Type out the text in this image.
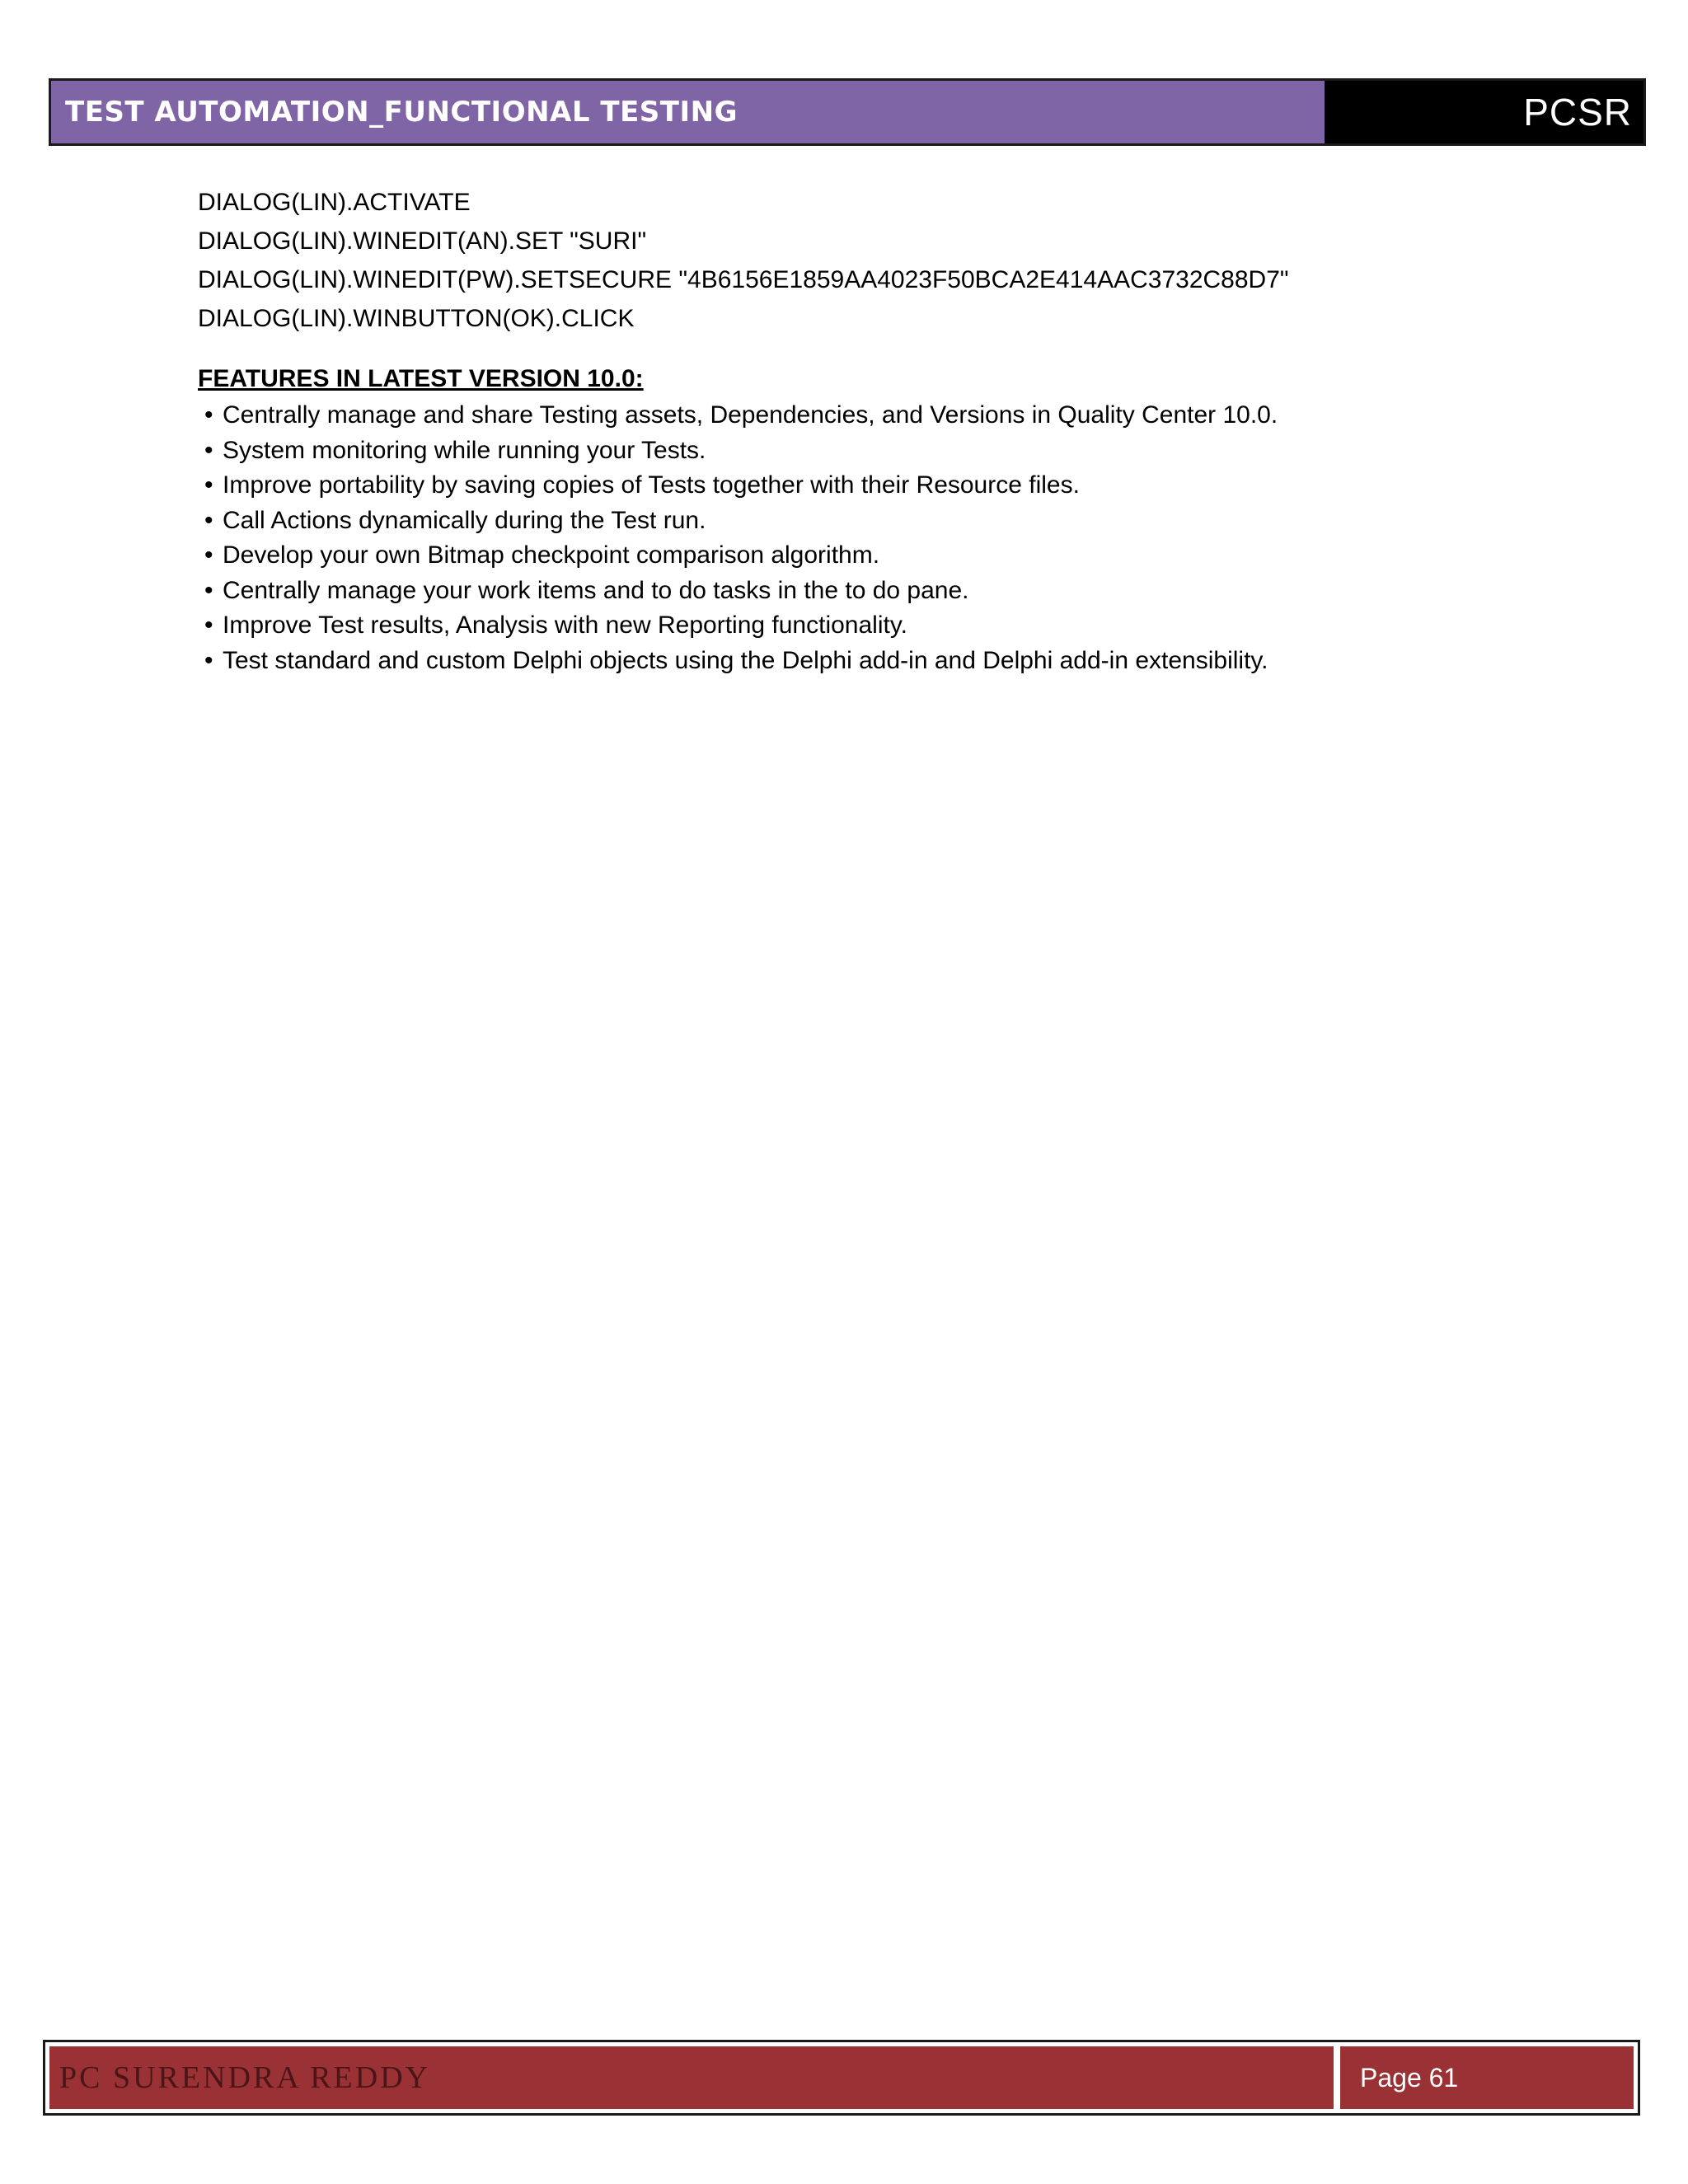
TEST AUTOMATION_FUNCTIONAL TESTING	PCSR
DIALOG(LIN).ACTIVATE
DIALOG(LIN).WINEDIT(AN).SET "SURI"
DIALOG(LIN).WINEDIT(PW).SETSECURE "4B6156E1859AA4023F50BCA2E414AAC3732C88D7"
DIALOG(LIN).WINBUTTON(OK).CLICK
FEATURES IN LATEST VERSION 10.0:
• Centrally manage and share Testing assets, Dependencies, and Versions in Quality Center 10.0.
• System monitoring while running your Tests.
• Improve portability by saving copies of Tests together with their Resource files.
• Call Actions dynamically during the Test run.
• Develop your own Bitmap checkpoint comparison algorithm.
• Centrally manage your work items and to do tasks in the to do pane.
• Improve Test results, Analysis with new Reporting functionality.
• Test standard and custom Delphi objects using the Delphi add-in and Delphi add-in extensibility.
PC SURENDRA REDDY	Page 61
